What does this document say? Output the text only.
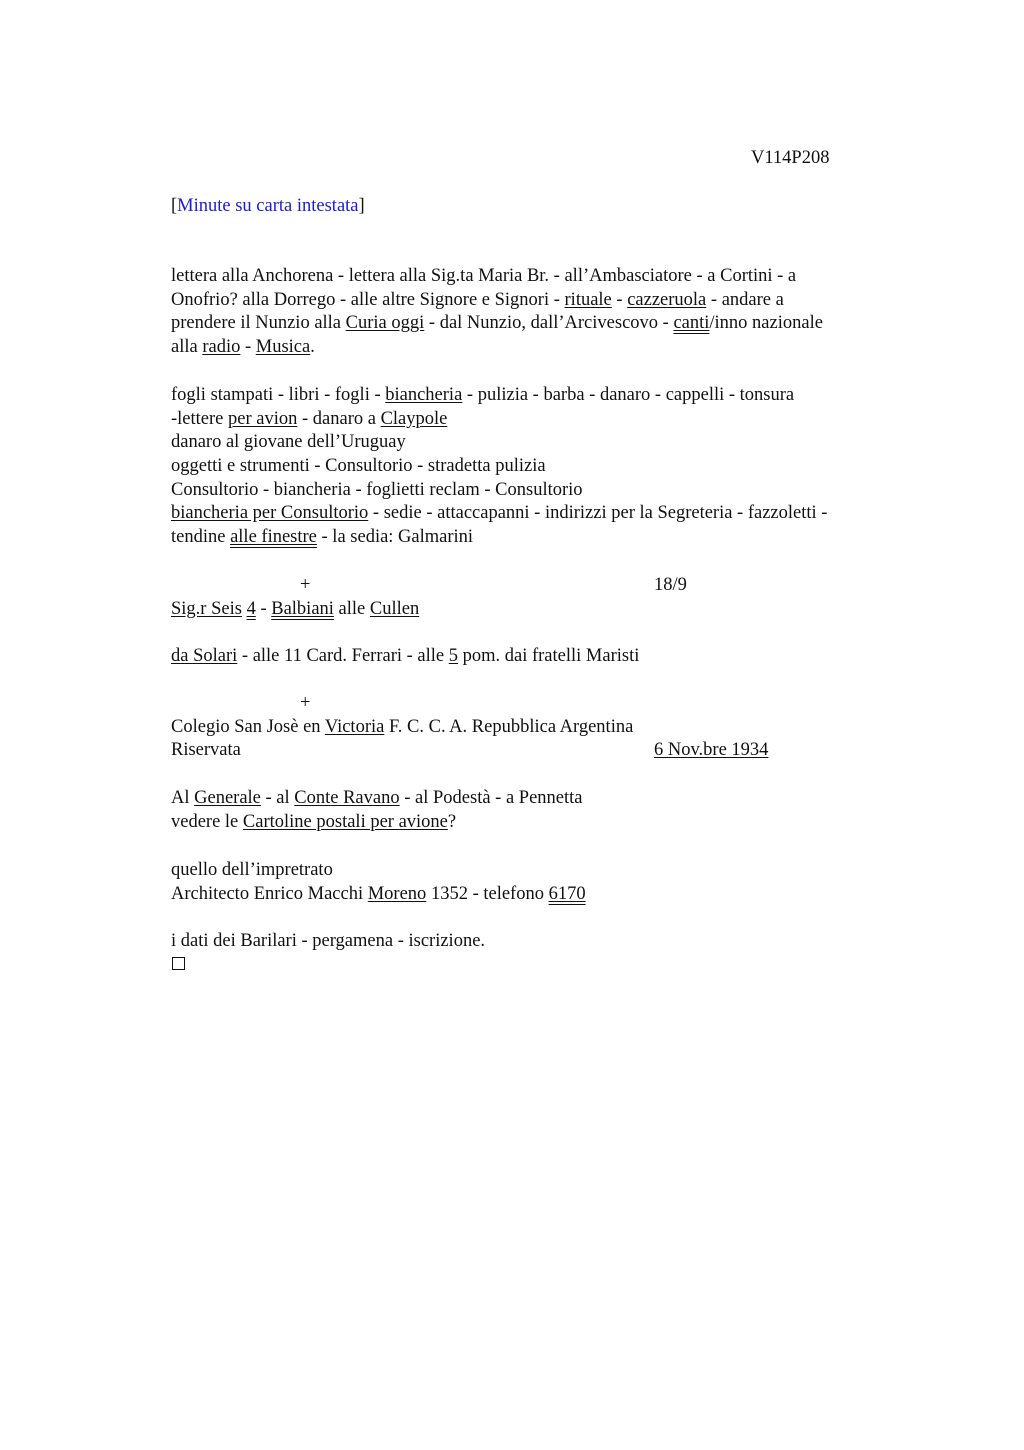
V114P208
[Minute su carta intestata]
lettera alla Anchorena - lettera alla Sig.ta Maria Br. - all’Ambasciatore - a Cortini - a
Onofrio? alla Dorrego - alle altre Signore e Signori - rituale - cazzeruola - andare a
prendere il Nunzio alla Curia oggi - dal Nunzio, dall’Arcivescovo - canti/inno nazionale
alla radio - Musica.
fogli stampati - libri - fogli - biancheria - pulizia - barba - danaro - cappelli - tonsura
-lettere per avion - danaro a Claypole
danaro al giovane dell’Uruguay
oggetti e strumenti - Consultorio - stradetta pulizia
Consultorio - biancheria - foglietti reclam - Consultorio
biancheria per Consultorio - sedie - attaccapanni - indirizzi per la Segreteria - fazzoletti -
tendine alle finestre - la sedia: Galmarini
+	18/9
Sig.r Seis 4 - Balbiani alle Cullen
da Solari - alle 11 Card. Ferrari - alle 5 pom. dai fratelli Maristi
+
Colegio San Josè en Victoria F. C. C. A. Repubblica Argentina
Riservata	6 Nov.bre 1934
Al Generale - al Conte Ravano - al Podestà - a Pennetta
vedere le Cartoline postali per avione?
quello dell’impretrato
Architecto Enrico Macchi Moreno 1352 - telefono 6170
i dati dei Barilari - pergamena - iscrizione.
